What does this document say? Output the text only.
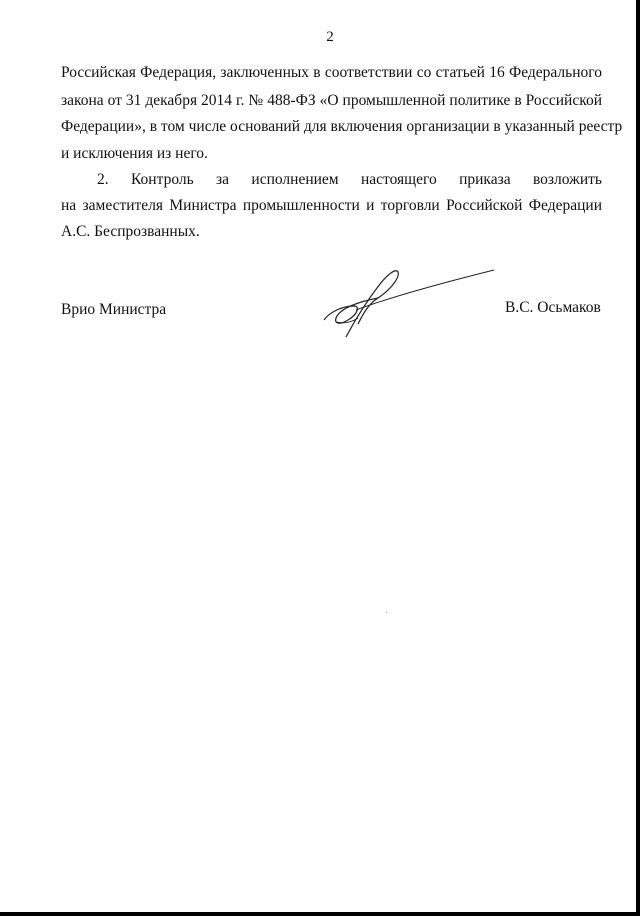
2
Российская Федерация, заключенных в соответствии со статьей 16 Федерального
закона от 31 декабря 2014 г. № 488-ФЗ «О промышленной политике в Российской
Федерации», в том числе оснований для включения организации в указанный реестр
и исключения из него.
2. Контроль за исполнением настоящего приказа возложить
на заместителя Министра промышленности и торговли Российской Федерации
А.С. Беспрозванных.
Врио Министра	В.С. Осьмаков
